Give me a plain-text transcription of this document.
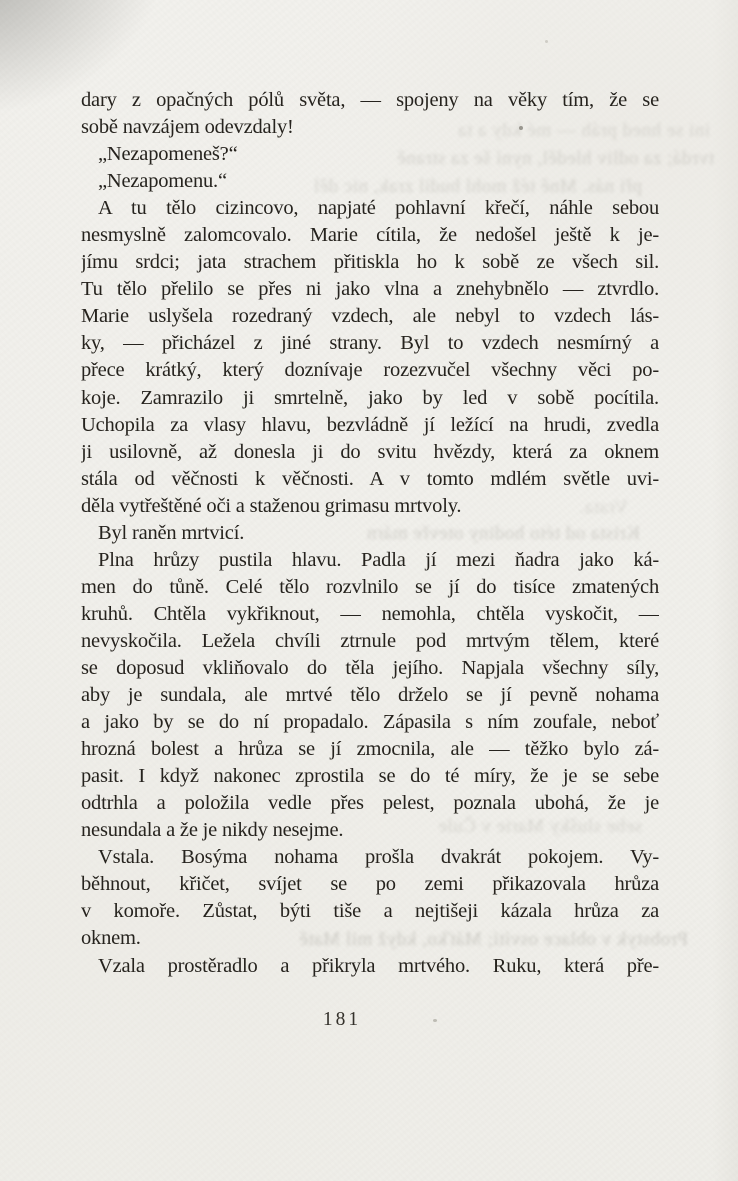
ini se hned práh — mé kdy a ta
tvrdá; za odliv hleděl, nyní še za straně
při nás. Mně též mohl budil zrak, nic děl
Vrata.
Krista od této hodiny otevře márn
sebe slušky Marie v Čule
Probstyk v oblace osvítí; Máťko, když mil Matě
dary z opačných pólů světa, — spojeny na věky tím, že se
sobě navzájem odevzdaly!
„Nezapomeneš?“
„Nezapomenu.“
A tu tělo cizincovo, napjaté pohlavní křečí, náhle sebou
nesmyslně zalomcovalo. Marie cítila, že nedošel ještě k je-
jímu srdci; jata strachem přitiskla ho k sobě ze všech sil.
Tu tělo přelilo se přes ni jako vlna a znehybnělo — ztvrdlo.
Marie uslyšela rozedraný vzdech, ale nebyl to vzdech lás-
ky, — přicházel z jiné strany. Byl to vzdech nesmírný a
přece krátký, který doznívaje rozezvučel všechny věci po-
koje. Zamrazilo ji smrtelně, jako by led v sobě pocítila.
Uchopila za vlasy hlavu, bezvládně jí ležící na hrudi, zvedla
ji usilovně, až donesla ji do svitu hvězdy, která za oknem
stála od věčnosti k věčnosti. A v tomto mdlém světle uvi-
děla vytřeštěné oči a staženou grimasu mrtvoly.
Byl raněn mrtvicí.
Plna hrůzy pustila hlavu. Padla jí mezi ňadra jako ká-
men do tůně. Celé tělo rozvlnilo se jí do tisíce zmatených
kruhů. Chtěla vykřiknout, — nemohla, chtěla vyskočit, —
nevyskočila. Ležela chvíli ztrnule pod mrtvým tělem, které
se doposud vkliňovalo do těla jejího. Napjala všechny síly,
aby je sundala, ale mrtvé tělo drželo se jí pevně nohama
a jako by se do ní propadalo. Zápasila s ním zoufale, neboť
hrozná bolest a hrůza se jí zmocnila, ale — těžko bylo zá-
pasit. I když nakonec zprostila se do té míry, že je se sebe
odtrhla a položila vedle přes pelest, poznala ubohá, že je
nesundala a že je nikdy nesejme.
Vstala. Bosýma nohama prošla dvakrát pokojem. Vy-
běhnout, křičet, svíjet se po zemi přikazovala hrůza
v komoře. Zůstat, býti tiše a nejtišeji kázala hrůza za
oknem.
Vzala prostěradlo a přikryla mrtvého. Ruku, která pře-
181
